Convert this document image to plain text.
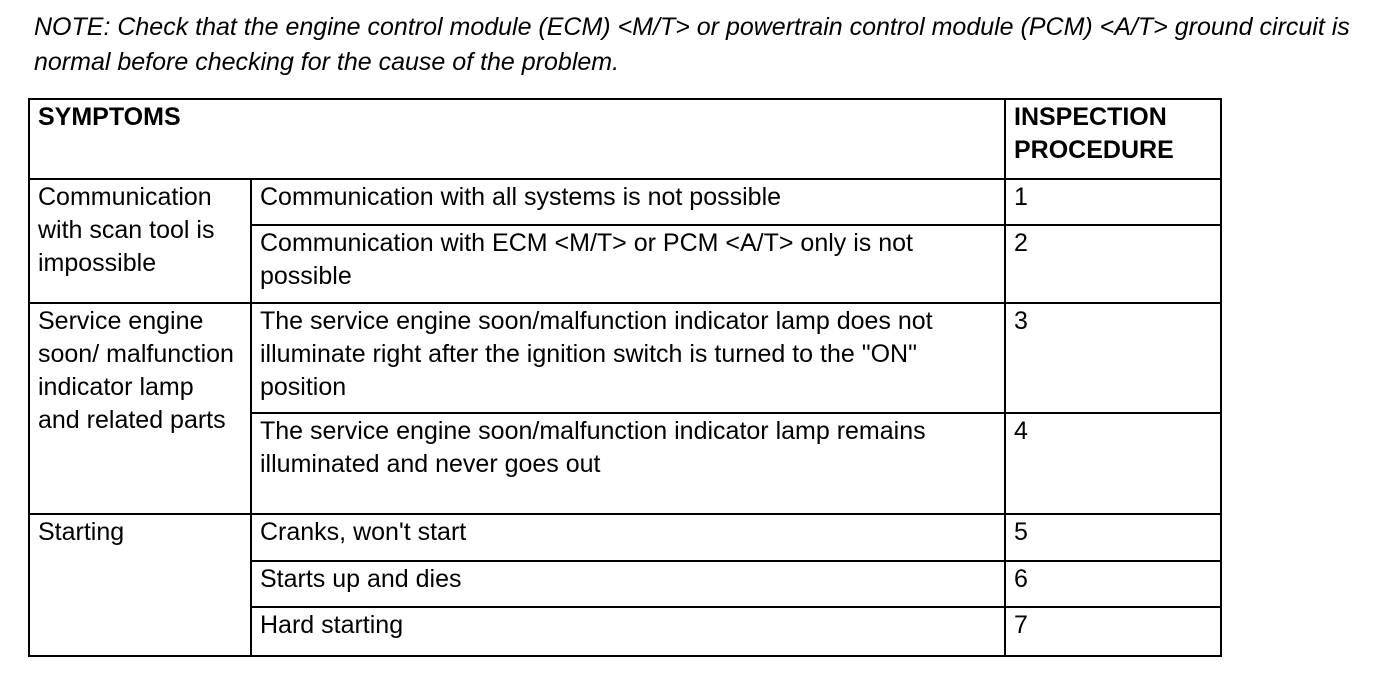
NOTE: Check that the engine control module (ECM) <M/T> or powertrain control module (PCM) <A/T> ground circuit is normal before checking for the cause of the problem.

SYMPTOMS		INSPECTION PROCEDURE
Communication with scan tool is impossible	Communication with all systems is not possible	1
	Communication with ECM <M/T> or PCM <A/T> only is not possible	2
Service engine soon/ malfunction indicator lamp and related parts	The service engine soon/malfunction indicator lamp does not illuminate right after the ignition switch is turned to the "ON" position	3
	The service engine soon/malfunction indicator lamp remains illuminated and never goes out	4
Starting	Cranks, won't start	5
	Starts up and dies	6
	Hard starting	7
